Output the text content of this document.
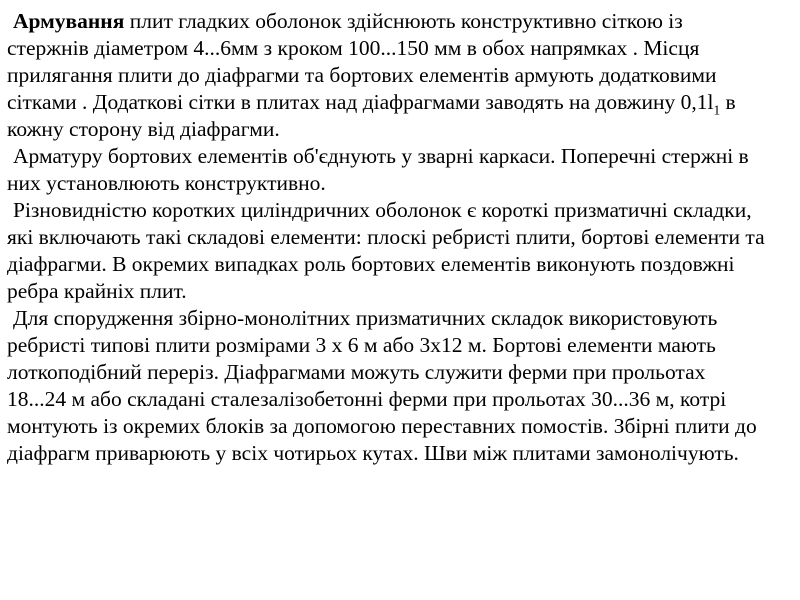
Армування плит гладких оболонок здійснюють конструктивно сіткою із
стержнів діаметром 4...6мм з кроком 100...150 мм в обох напрямках . Місця
прилягання плити до діафрагми та бортових елементів армують додатковими
сітками . Додаткові сітки в плитах над діафрагмами заводять на довжину $0,1l_1$ в
кожну сторону від діафрагми.
Арматуру бортових елементів об'єднують у зварні каркаси. Поперечні стержні в
них установлюють конструктивно.
Різновидністю коротких циліндричних оболонок є короткі призматичні складки,
які включають такі складові елементи: плоскі ребристі плити, бортові елементи та
діафрагми. В окремих випадках роль бортових елементів виконують поздовжні
ребра крайніх плит.
Для спорудження збірно-монолітних призматичних складок використовують
ребристі типові плити розмірами 3 х 6 м або 3х12 м. Бортові елементи мають
лоткоподібний переріз. Діафрагмами можуть служити ферми при прольотах
18...24 м або складані сталезалізобетонні ферми при прольотах 30...36 м, котрі
монтують із окремих блоків за допомогою переставних помостів. Збірні плити до
діафрагм приварюють у всіх чотирьох кутах. Шви між плитами замонолічують.
